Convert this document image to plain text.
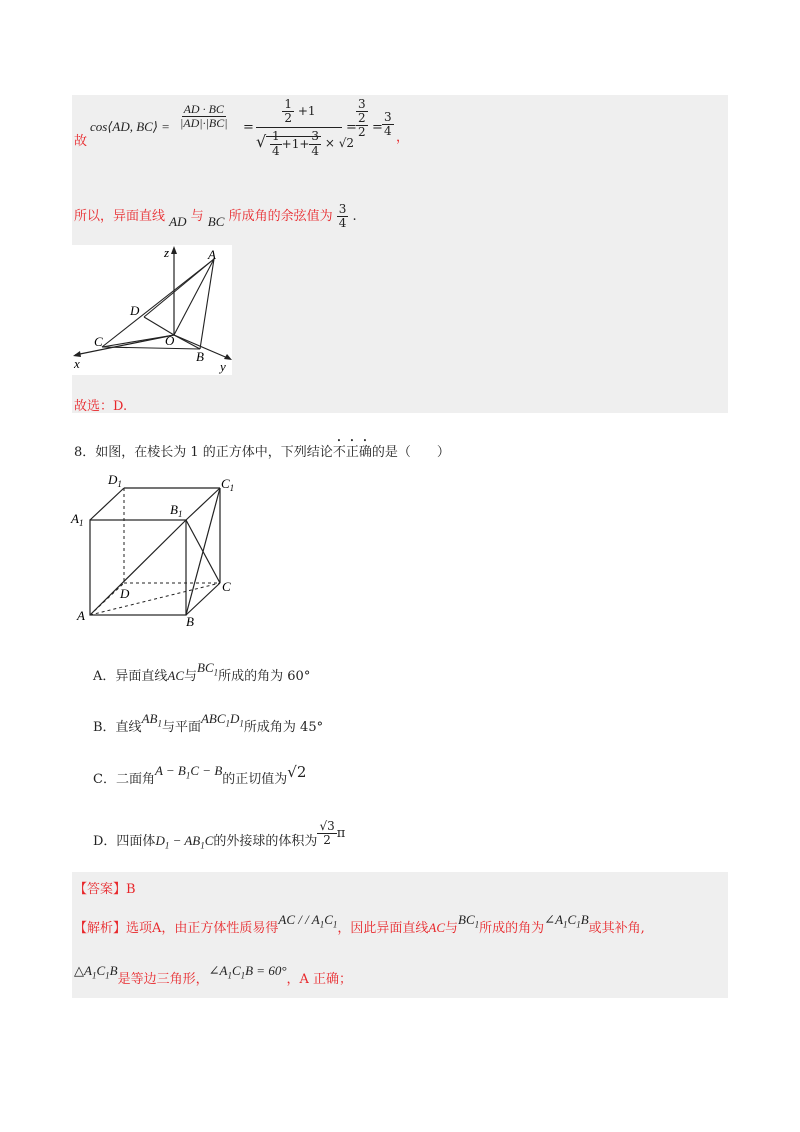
故
cos⟨AD, BC⟩ = $\frac{AD \cdot BC}{|AD|\cdot|BC|}$ =
$\frac{1}{2} +1$
√ $\frac{1}{4} +1+ \frac{3}{4} \times √2$
=
3
2
$2 = \frac{3}{4}$ ，
所以，异面直线 AD 与 BC 所成角的余弦值为 $\frac{3}{4}$ .
z	A
D
C	O
B
x	y
故选：D.
8．如图，在棱长为 1 的正方体中，下列结论不正确的是（　　）
$D_1$	$C_1$
$A_1$
$B_1$
C
D
A	B
A．异面直线AC与$BC_1$所成的角为 60°
B．直线$AB_1$与平面$ABC_1D_1$所成角为 45°
C．二面角$A - B_1C - B$的正切值为√2
D．四面体$D_1 - AB_1C$的外接球的体积为 $\frac{√3}{2}$ π
【答案】B
【解析】选项A，由正方体性质易得AC / / $A_1C_1$，因此异面直线AC与$BC_1$所成的角为$\angle A_1C_1B$或其补角,
$\triangle A_1C_1B$是等边三角形，$\angle A_1C_1B = 60^\circ$，A 正确；
